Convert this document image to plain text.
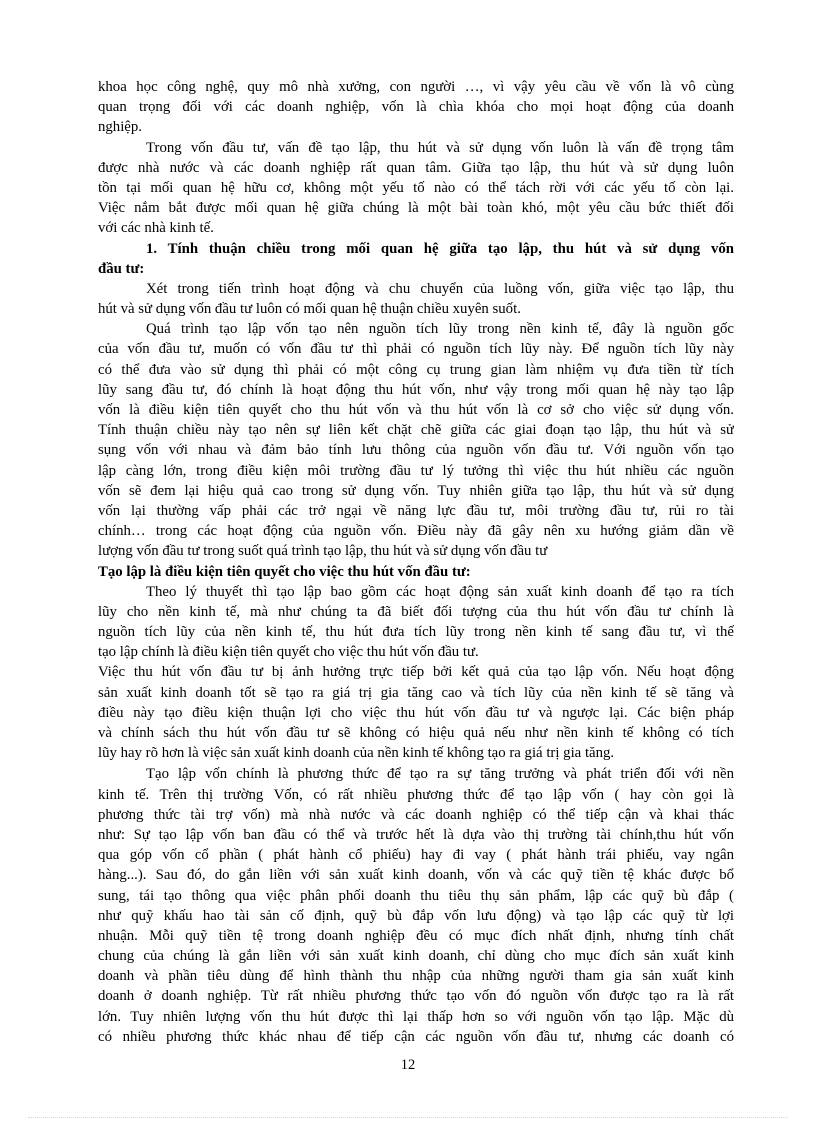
khoa học công nghệ, quy mô nhà xưởng, con người …, vì vậy yêu cầu về vốn là vô cùng
quan trọng đối với các doanh nghiệp, vốn là chìa khóa cho mọi hoạt động của doanh
nghiệp.
Trong vốn đầu tư, vấn đề tạo lập, thu hút và sử dụng vốn luôn là vấn đề trọng tâm
được nhà nước và các doanh nghiệp rất quan tâm. Giữa tạo lập, thu hút và sử dụng luôn
tồn tại mối quan hệ hữu cơ, không một yếu tố nào có thể tách rời với các yếu tố còn lại.
Việc nắm bắt được mối quan hệ giữa chúng là một bài toàn khó, một yêu cầu bức thiết đối
với các nhà kinh tế.
1. Tính thuận chiều trong mối quan hệ giữa tạo lập, thu hút và sử dụng vốn
đầu tư:
Xét trong tiến trình hoạt động và chu chuyển của luồng vốn, giữa việc tạo lập, thu
hút và sử dụng vốn đầu tư luôn có mối quan hệ thuận chiều xuyên suốt.
Quá trình tạo lập vốn tạo nên nguồn tích lũy trong nền kinh tế, đây là nguồn gốc
của vốn đầu tư, muốn có vốn đầu tư thì phải có nguồn tích lũy này. Để nguồn tích lũy này
có thể đưa vào sử dụng thì phải có một công cụ trung gian làm nhiệm vụ đưa tiền từ tích
lũy sang đầu tư, đó chính là hoạt động thu hút vốn, như vậy trong mối quan hệ này tạo lập
vốn là điều kiện tiên quyết cho thu hút vốn và thu hút vốn là cơ sở cho việc sử dụng vốn.
Tính thuận chiều này tạo nên sự liên kết chặt chẽ giữa các giai đoạn tạo lập, thu hút và sử
sụng vốn với nhau và đảm bảo tính lưu thông của nguồn vốn đầu tư. Với nguồn vốn tạo
lập càng lớn, trong điều kiện môi trường đầu tư lý tưởng thì việc thu hút nhiều các nguồn
vốn sẽ đem lại hiệu quả cao trong sử dụng vốn. Tuy nhiên giữa tạo lập, thu hút và sử dụng
vốn lại thường vấp phải các trở ngại về năng lực đầu tư, môi trường đầu tư, rủi ro tài
chính… trong các hoạt động của nguồn vốn. Điều này đã gây nên xu hướng giảm dần về
lượng vốn đầu tư trong suốt quá trình tạo lập, thu hút và sử dụng vốn đầu tư
Tạo lập là điều kiện tiên quyết cho việc thu hút vốn đầu tư:
Theo lý thuyết thì tạo lập bao gồm các hoạt động sản xuất kinh doanh để tạo ra tích
lũy cho nền kinh tế, mà như chúng ta đã biết đối tượng của thu hút vốn đầu tư chính là
nguồn tích lũy của nền kinh tế, thu hút đưa tích lũy trong nền kinh tế sang đầu tư, vì thế
tạo lập chính là điều kiện tiên quyết cho việc thu hút vốn đầu tư.
Việc thu hút vốn đầu tư bị ảnh hưởng trực tiếp bởi kết quả của tạo lập vốn. Nếu hoạt động
sản xuất kinh doanh tốt sẽ tạo ra giá trị gia tăng cao và tích lũy của nền kinh tế sẽ tăng và
điều này tạo điều kiện thuận lợi cho việc thu hút vốn đầu tư và ngược lại. Các biện pháp
và chính sách thu hút vốn đầu tư sẽ không có hiệu quả nếu như nền kinh tế không có tích
lũy hay rõ hơn là việc sản xuất kinh doanh của nền kinh tế không tạo ra giá trị gia tăng.
Tạo lập vốn chính là phương thức để tạo ra sự tăng trưởng và phát triển đối với nền
kinh tế. Trên thị trường Vốn, có rất nhiều phương thức để tạo lập vốn ( hay còn gọi là
phương thức tài trợ vốn) mà nhà nước và các doanh nghiệp có thể tiếp cận và khai thác
như: Sự tạo lập vốn ban đầu có thể và trước hết là dựa vào thị trường tài chính,thu hút vốn
qua góp vốn cổ phần ( phát hành cổ phiếu) hay đi vay ( phát hành trái phiếu, vay ngân
hàng...). Sau đó, do gắn liền với sản xuất kinh doanh, vốn và các quỹ tiền tệ khác được bổ
sung, tái tạo thông qua việc phân phối doanh thu tiêu thụ sản phẩm, lập các quỹ bù đắp (
như quỹ khấu hao tài sản cố định, quỹ bù đắp vốn lưu động) và tạo lập các quỹ từ lợi
nhuận. Mỗi quỹ tiền tệ trong doanh nghiệp đều có mục đích nhất định, nhưng tính chất
chung của chúng là gắn liền với sản xuất kinh doanh, chỉ dùng cho mục đích sản xuất kinh
doanh và phần tiêu dùng để hình thành thu nhập của những người tham gia sản xuất kinh
doanh ở doanh nghiệp. Từ rất nhiều phương thức tạo vốn đó nguồn vốn được tạo ra là rất
lớn. Tuy nhiên lượng vốn thu hút được thì lại thấp hơn so với nguồn vốn tạo lập. Mặc dù
có nhiều phương thức khác nhau để tiếp cận các nguồn vốn đầu tư, nhưng các doanh có
12
